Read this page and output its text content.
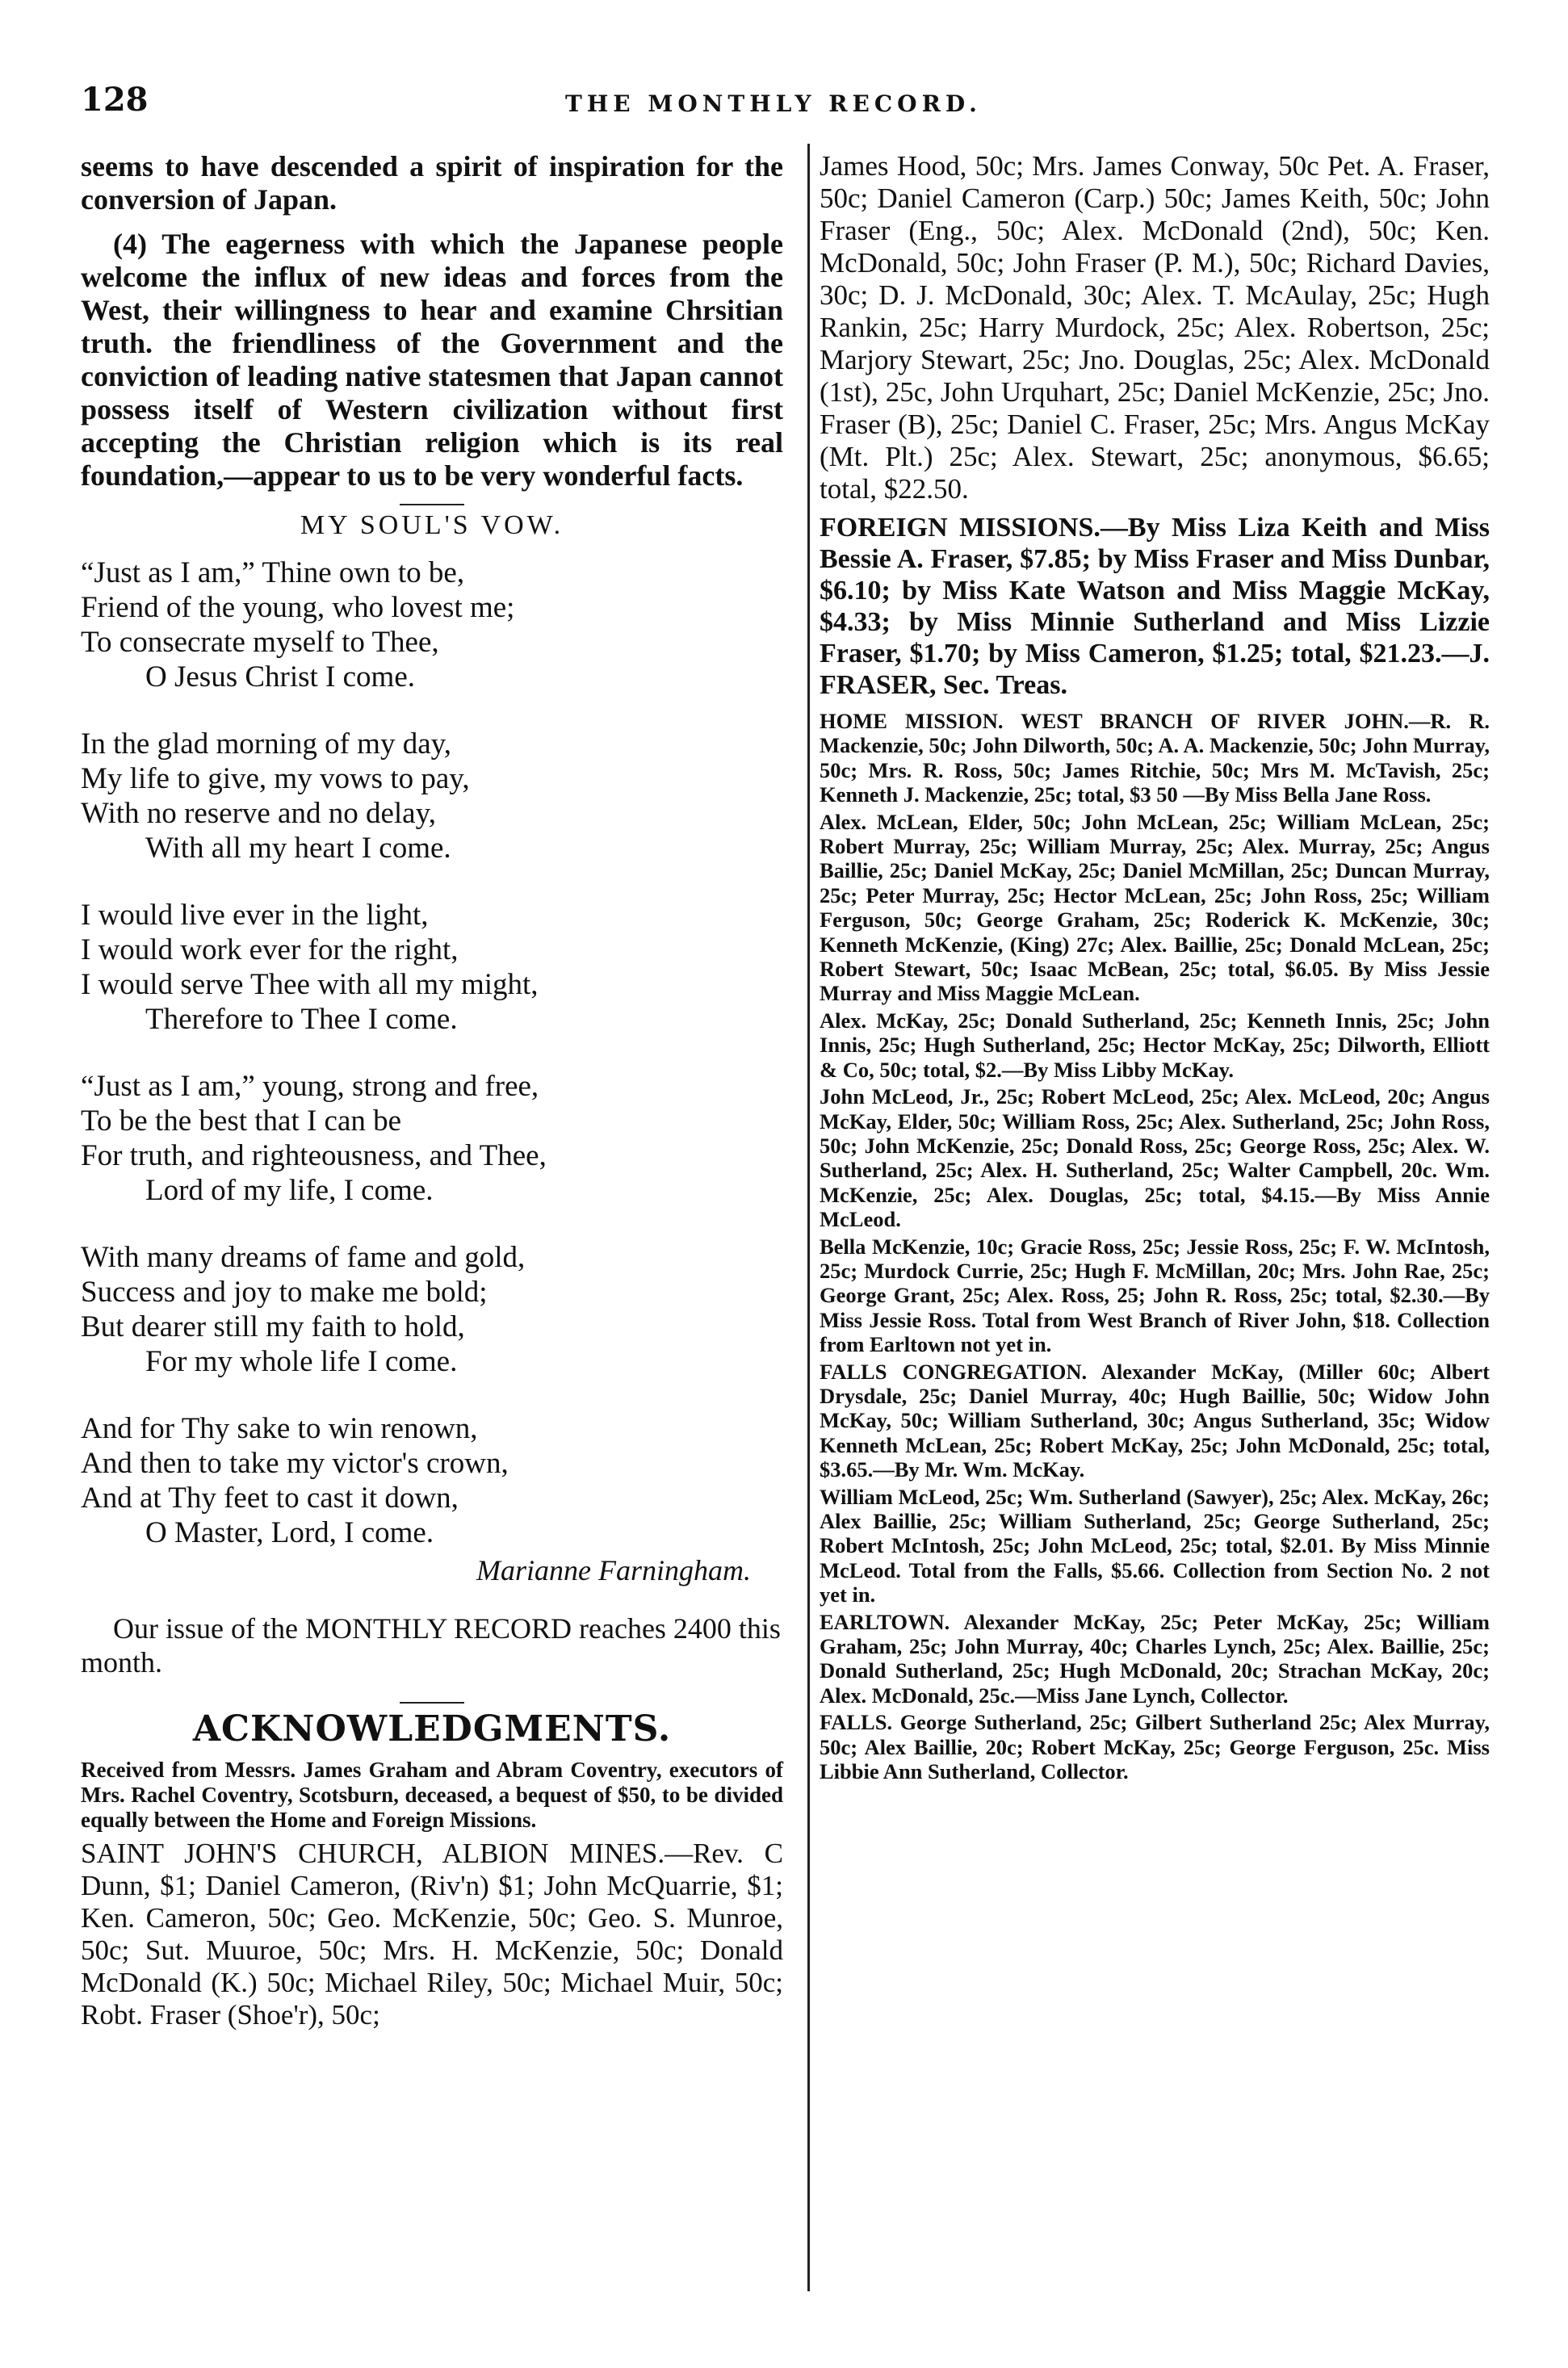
128	THE MONTHLY RECORD.

seems to have descended a spirit of inspiration for the conversion of Japan.

(4) The eagerness with which the Japanese people welcome the influx of new ideas and forces from the West, their willingness to hear and examine Chrsitian truth. the friendliness of the Government and the conviction of leading native statesmen that Japan cannot possess itself of Western civilization without first accepting the Christian religion which is its real foundation,—appear to us to be very wonderful facts.

MY SOUL'S VOW.
“Just as I am,” Thine own to be,
Friend of the young, who lovest me;
To consecrate myself to Thee,
O Jesus Christ I come.
In the glad morning of my day,
My life to give, my vows to pay,
With no reserve and no delay,
With all my heart I come.
I would live ever in the light,
I would work ever for the right,
I would serve Thee with all my might,
Therefore to Thee I come.
“Just as I am,” young, strong and free,
To be the best that I can be
For truth, and righteousness, and Thee,
Lord of my life, I come.
With many dreams of fame and gold,
Success and joy to make me bold;
But dearer still my faith to hold,
For my whole life I come.
And for Thy sake to win renown,
And then to take my victor's crown,
And at Thy feet to cast it down,
O Master, Lord, I come.
Marianne Farningham.

Our issue of the MONTHLY RECORD reaches 2400 this month.

ACKNOWLEDGMENTS.

Received from Messrs. James Graham and Abram Coventry, executors of Mrs. Rachel Coventry, Scotsburn, deceased, a bequest of $50, to be divided equally between the Home and Foreign Missions.

SAINT JOHN'S CHURCH, ALBION MINES.—Rev. C Dunn, $1; Daniel Cameron, (Riv'n) $1; John McQuarrie, $1; Ken. Cameron, 50c; Geo. McKenzie, 50c; Geo. S. Munroe, 50c; Sut. Muuroe, 50c; Mrs. H. McKenzie, 50c; Donald McDonald (K.) 50c; Michael Riley, 50c; Michael Muir, 50c; Robt. Fraser (Shoe'r), 50c;

James Hood, 50c; Mrs. James Conway, 50c Pet. A. Fraser, 50c; Daniel Cameron (Carp.) 50c; James Keith, 50c; John Fraser (Eng., 50c; Alex. McDonald (2nd), 50c; Ken. McDonald, 50c; John Fraser (P. M.), 50c; Richard Davies, 30c; D. J. McDonald, 30c; Alex. T. McAulay, 25c; Hugh Rankin, 25c; Harry Murdock, 25c; Alex. Robertson, 25c; Marjory Stewart, 25c; Jno. Douglas, 25c; Alex. McDonald (1st), 25c, John Urquhart, 25c; Daniel McKenzie, 25c; Jno. Fraser (B), 25c; Daniel C. Fraser, 25c; Mrs. Angus McKay (Mt. Plt.) 25c; Alex. Stewart, 25c; anonymous, $6.65; total, $22.50.

FOREIGN MISSIONS.—By Miss Liza Keith and Miss Bessie A. Fraser, $7.85; by Miss Fraser and Miss Dunbar, $6.10; by Miss Kate Watson and Miss Maggie McKay, $4.33; by Miss Minnie Sutherland and Miss Lizzie Fraser, $1.70; by Miss Cameron, $1.25; total, $21.23.—J. FRASER, Sec. Treas.

HOME MISSION. WEST BRANCH OF RIVER JOHN.—R. R. Mackenzie, 50c; John Dilworth, 50c; A. A. Mackenzie, 50c; John Murray, 50c; Mrs. R. Ross, 50c; James Ritchie, 50c; Mrs M. McTavish, 25c; Kenneth J. Mackenzie, 25c; total, $3 50 —By Miss Bella Jane Ross.

Alex. McLean, Elder, 50c; John McLean, 25c; William McLean, 25c; Robert Murray, 25c; William Murray, 25c; Alex. Murray, 25c; Angus Baillie, 25c; Daniel McKay, 25c; Daniel McMillan, 25c; Duncan Murray, 25c; Peter Murray, 25c; Hector McLean, 25c; John Ross, 25c; William Ferguson, 50c; George Graham, 25c; Roderick K. McKenzie, 30c; Kenneth McKenzie, (King) 27c; Alex. Baillie, 25c; Donald McLean, 25c; Robert Stewart, 50c; Isaac McBean, 25c; total, $6.05. By Miss Jessie Murray and Miss Maggie McLean.

Alex. McKay, 25c; Donald Sutherland, 25c; Kenneth Innis, 25c; John Innis, 25c; Hugh Sutherland, 25c; Hector McKay, 25c; Dilworth, Elliott & Co, 50c; total, $2.—By Miss Libby McKay.

John McLeod, Jr., 25c; Robert McLeod, 25c; Alex. McLeod, 20c; Angus McKay, Elder, 50c; William Ross, 25c; Alex. Sutherland, 25c; John Ross, 50c; John McKenzie, 25c; Donald Ross, 25c; George Ross, 25c; Alex. W. Sutherland, 25c; Alex. H. Sutherland, 25c; Walter Campbell, 20c. Wm. McKenzie, 25c; Alex. Douglas, 25c; total, $4.15.—By Miss Annie McLeod.

Bella McKenzie, 10c; Gracie Ross, 25c; Jessie Ross, 25c; F. W. McIntosh, 25c; Murdock Currie, 25c; Hugh F. McMillan, 20c; Mrs. John Rae, 25c; George Grant, 25c; Alex. Ross, 25; John R. Ross, 25c; total, $2.30.—By Miss Jessie Ross. Total from West Branch of River John, $18. Collection from Earltown not yet in.

FALLS CONGREGATION. Alexander McKay, (Miller 60c; Albert Drysdale, 25c; Daniel Murray, 40c; Hugh Baillie, 50c; Widow John McKay, 50c; William Sutherland, 30c; Angus Sutherland, 35c; Widow Kenneth McLean, 25c; Robert McKay, 25c; John McDonald, 25c; total, $3.65.—By Mr. Wm. McKay.

William McLeod, 25c; Wm. Sutherland (Sawyer), 25c; Alex. McKay, 26c; Alex Baillie, 25c; William Sutherland, 25c; George Sutherland, 25c; Robert McIntosh, 25c; John McLeod, 25c; total, $2.01. By Miss Minnie McLeod. Total from the Falls, $5.66. Collection from Section No. 2 not yet in.

EARLTOWN. Alexander McKay, 25c; Peter McKay, 25c; William Graham, 25c; John Murray, 40c; Charles Lynch, 25c; Alex. Baillie, 25c; Donald Sutherland, 25c; Hugh McDonald, 20c; Strachan McKay, 20c; Alex. McDonald, 25c.—Miss Jane Lynch, Collector.

FALLS. George Sutherland, 25c; Gilbert Sutherland 25c; Alex Murray, 50c; Alex Baillie, 20c; Robert McKay, 25c; George Ferguson, 25c. Miss Libbie Ann Sutherland, Collector.
